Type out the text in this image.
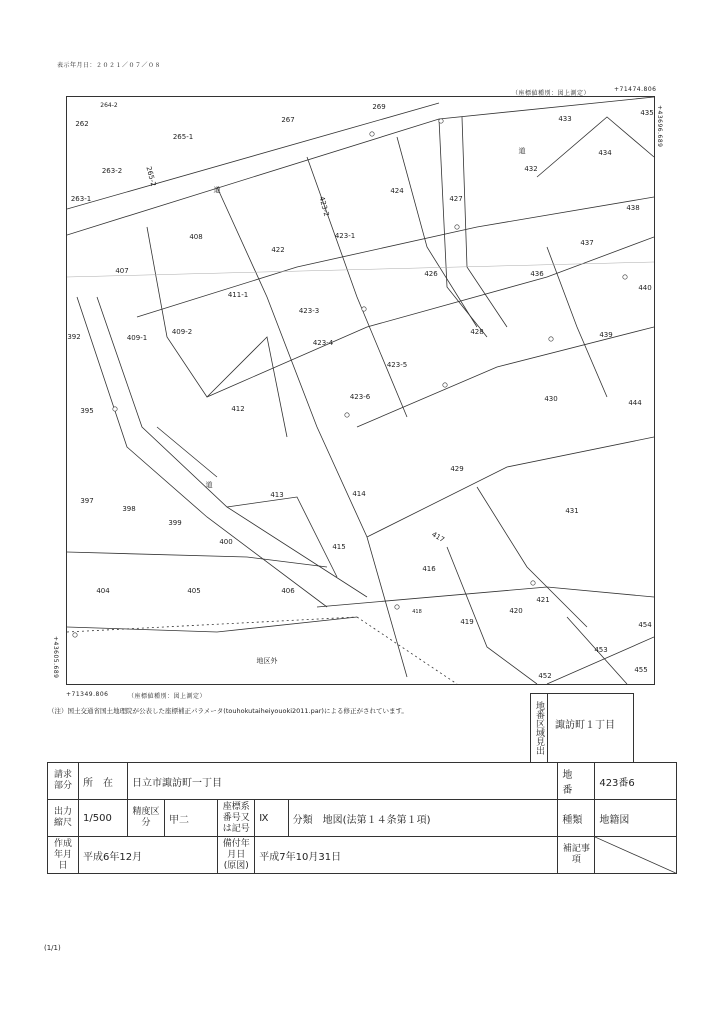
表示年月日：２０２１／０７／０８
（座標値種別：図上測定）
+71474.806
+43696.689
+43605.689
+71349.806	（座標値種別：図上測定）
262
264-2
265-1
267
269
263-2	265-2
263-1
433
435
434
432
424
427
438
408
422
423-1
423-2
437
407	426	436
440
411-1
423-3
392	409-1
409-2	428
423-4
439
423-5
395	412
423-6	430	444
429
397
398
413	414
431
399
400
415
417
416
404	405	406
418
421
420
419	454
453
455
452
道
道
道
地区外
（注）国土交通省国土地理院が公表した座標補正パラメータ(touhokutaiheiyouoki2011.par)による修正がされています。	地番区域見出	諏訪町１丁目
請求部分	所　在	日立市諏訪町一丁目					地　番	423番6
出力縮尺	1/500	精度区分	甲二	座標系番号又は記号	Ⅸ	分類　 地図(法第１４条第１項)	種類	地籍図
作成年月日	平成6年12月			備付年月日(原図)	平成7年10月31日		補記事項	
(1/1)
